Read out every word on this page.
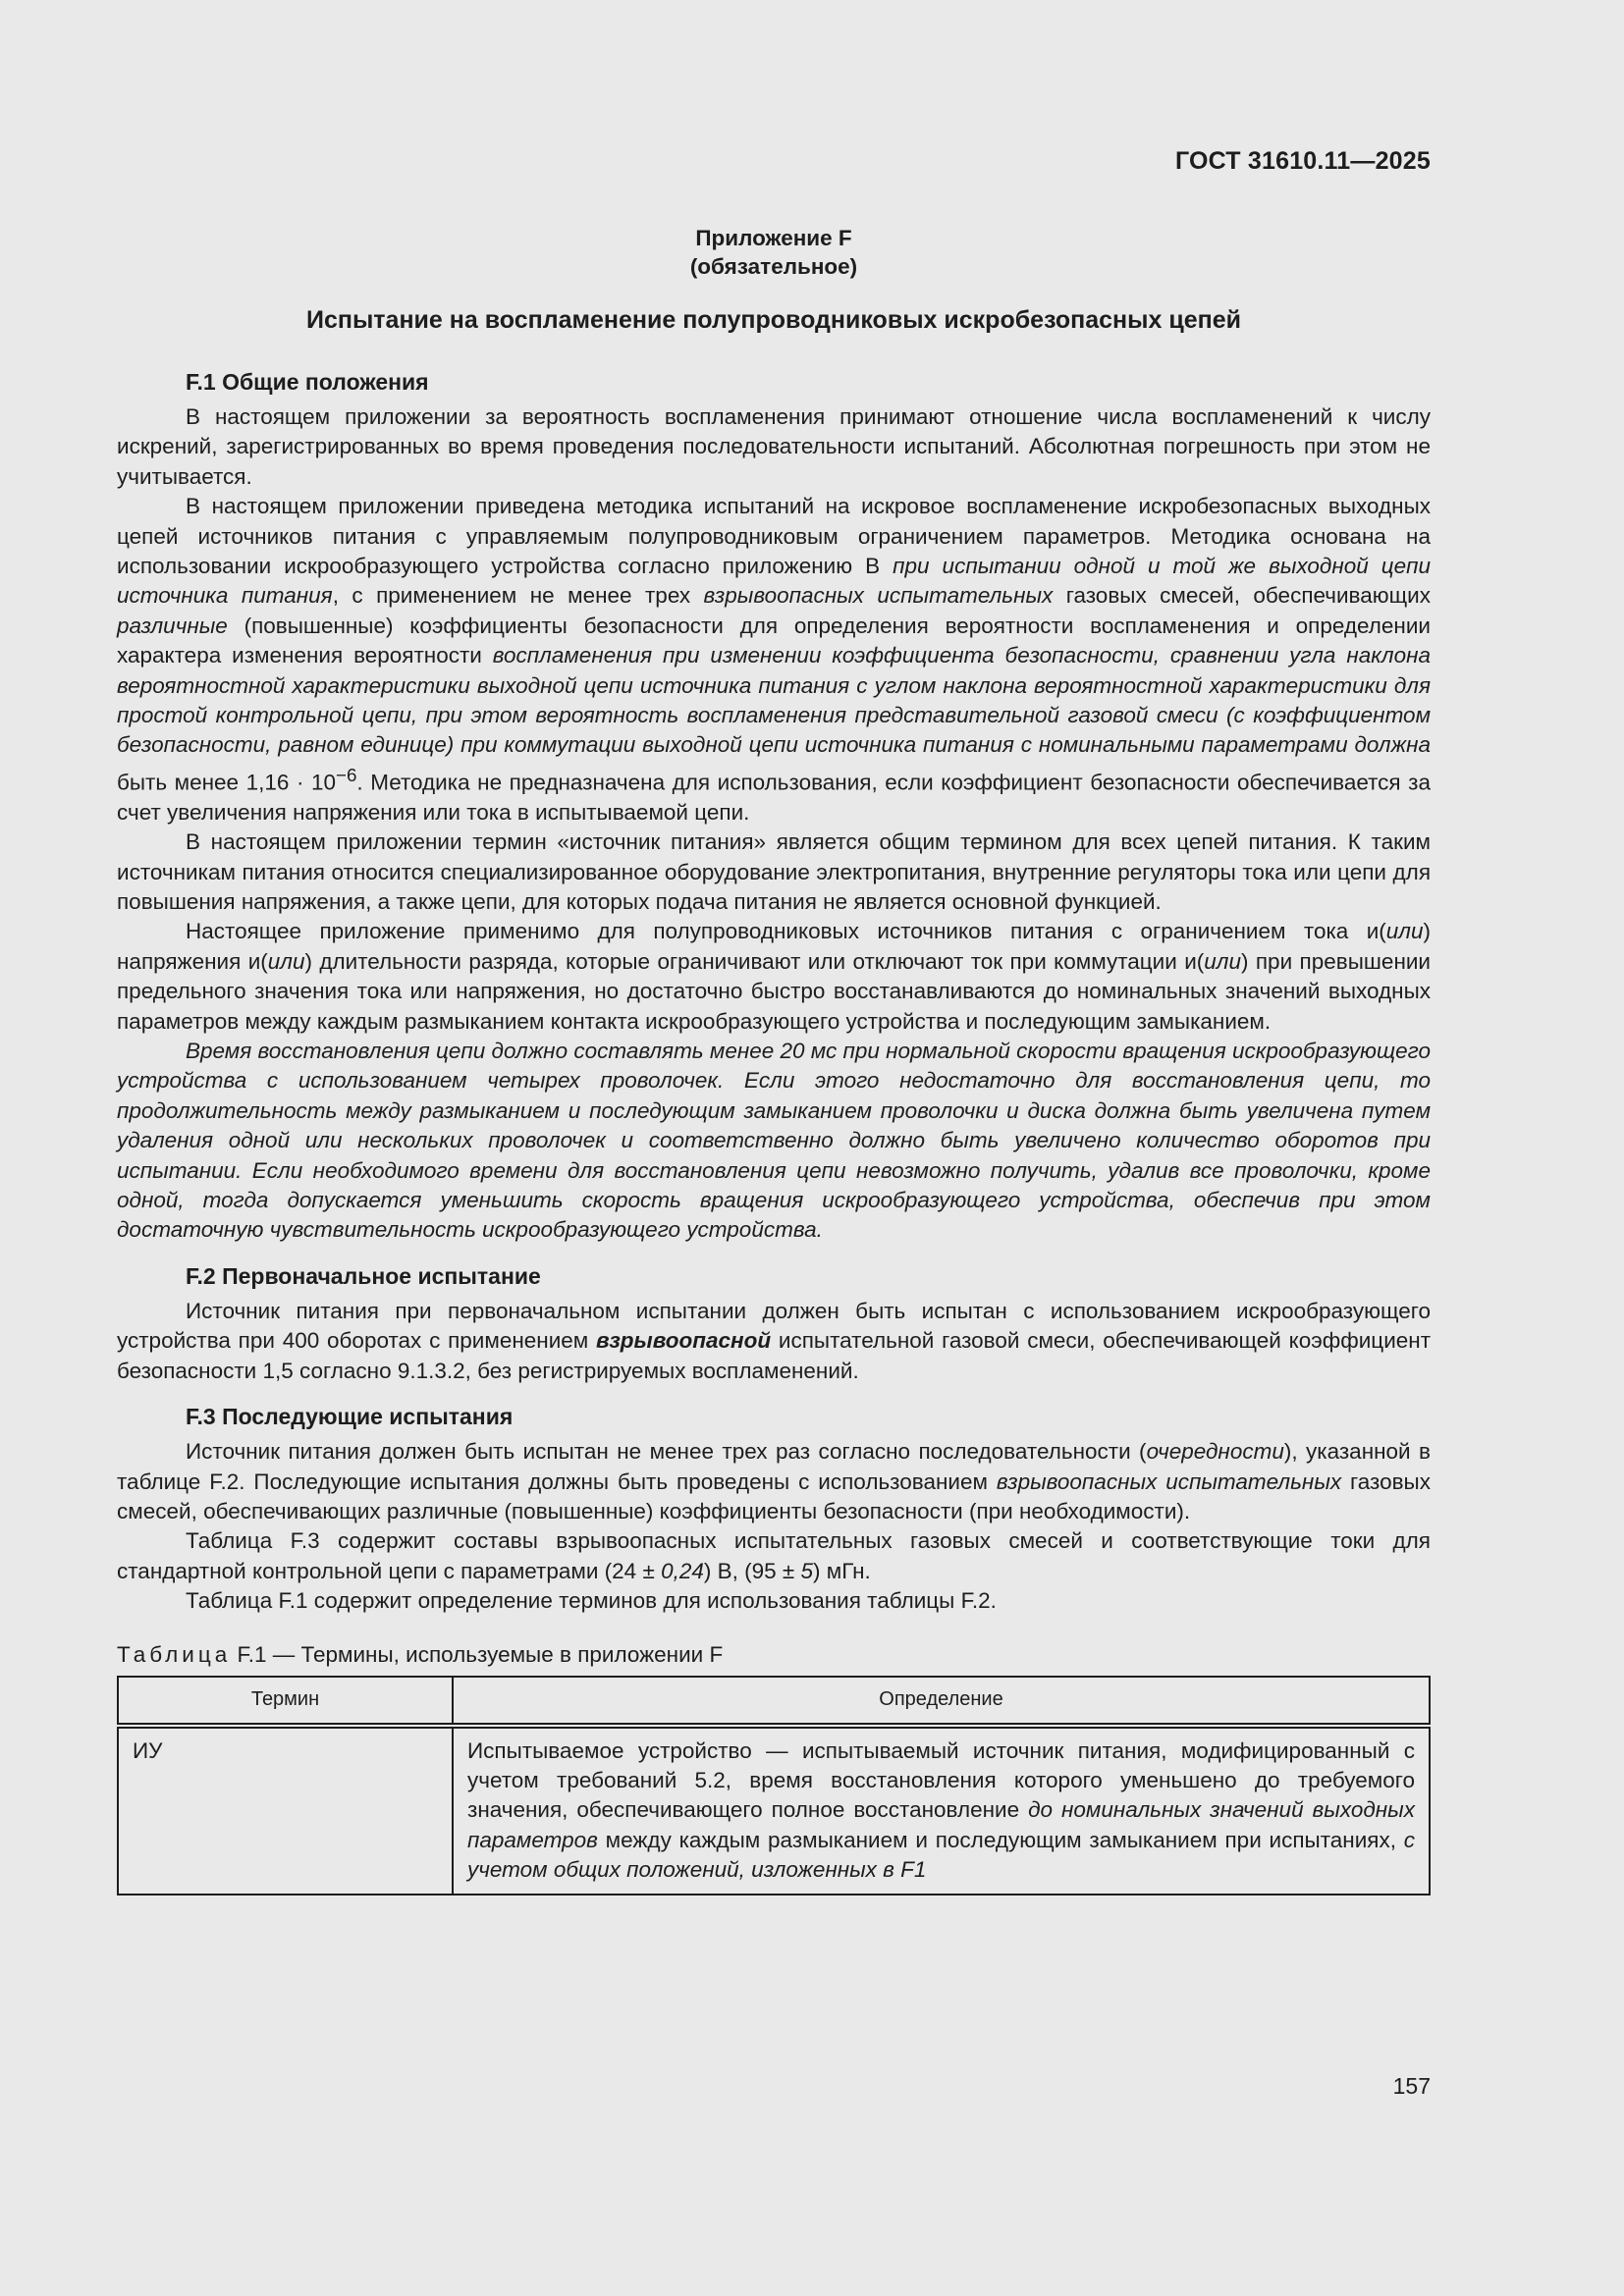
ГОСТ 31610.11—2025
Приложение F
(обязательное)
Испытание на воспламенение полупроводниковых искробезопасных цепей
F.1 Общие положения

В настоящем приложении за вероятность воспламенения принимают отношение числа воспламенений к числу искрений, зарегистрированных во время проведения последовательности испытаний. Абсолютная погрешность при этом не учитывается.

В настоящем приложении приведена методика испытаний на искровое воспламенение искробезопасных выходных цепей источников питания с управляемым полупроводниковым ограничением параметров. Методика основана на использовании искрообразующего устройства согласно приложению В при испытании одной и той же выходной цепи источника питания, с применением не менее трех взрывоопасных испытательных газовых смесей, обеспечивающих различные (повышенные) коэффициенты безопасности для определения вероятности воспламенения и определении характера изменения вероятности воспламенения при изменении коэффициента безопасности, сравнении угла наклона вероятностной характеристики выходной цепи источника питания с углом наклона вероятностной характеристики для простой контрольной цепи, при этом вероятность воспламенения представительной газовой смеси (с коэффициентом безопасности, равном единице) при коммутации выходной цепи источника питания с номинальными параметрами должна быть менее $1,16 \cdot 10^{-6}$. Методика не предназначена для использования, если коэффициент безопасности обеспечивается за счет увеличения напряжения или тока в испытываемой цепи.

В настоящем приложении термин «источник питания» является общим термином для всех цепей питания. К таким источникам питания относится специализированное оборудование электропитания, внутренние регуляторы тока или цепи для повышения напряжения, а также цепи, для которых подача питания не является основной функцией.

Настоящее приложение применимо для полупроводниковых источников питания с ограничением тока и(или) напряжения и(или) длительности разряда, которые ограничивают или отключают ток при коммутации и(или) при превышении предельного значения тока или напряжения, но достаточно быстро восстанавливаются до номинальных значений выходных параметров между каждым размыканием контакта искрообразующего устройства и последующим замыканием.

Время восстановления цепи должно составлять менее 20 мс при нормальной скорости вращения искрообразующего устройства с использованием четырех проволочек. Если этого недостаточно для восстановления цепи, то продолжительность между размыканием и последующим замыканием проволочки и диска должна быть увеличена путем удаления одной или нескольких проволочек и соответственно должно быть увеличено количество оборотов при испытании. Если необходимого времени для восстановления цепи невозможно получить, удалив все проволочки, кроме одной, тогда допускается уменьшить скорость вращения искрообразующего устройства, обеспечив при этом достаточную чувствительность искрообразующего устройства.

F.2 Первоначальное испытание

Источник питания при первоначальном испытании должен быть испытан с использованием искрообразующего устройства при 400 оборотах с применением взрывоопасной испытательной газовой смеси, обеспечивающей коэффициент безопасности 1,5 согласно 9.1.3.2, без регистрируемых воспламенений.

F.3 Последующие испытания

Источник питания должен быть испытан не менее трех раз согласно последовательности (очередности), указанной в таблице F.2. Последующие испытания должны быть проведены с использованием взрывоопасных испытательных газовых смесей, обеспечивающих различные (повышенные) коэффициенты безопасности (при необходимости).

Таблица F.3 содержит составы взрывоопасных испытательных газовых смесей и соответствующие токи для стандартной контрольной цепи с параметрами (24 ± 0,24) В, (95 ± 5) мГн.

Таблица F.1 содержит определение терминов для использования таблицы F.2.

Таблица F.1 — Термины, используемые в приложении F
Термин	Определение
ИУ	Испытываемое устройство — испытываемый источник питания, модифицированный с учетом требований 5.2, время восстановления которого уменьшено до требуемого значения, обеспечивающего полное восстановление до номинальных значений выходных параметров между каждым размыканием и последующим замыканием при испытаниях, с учетом общих положений, изложенных в F1
157
